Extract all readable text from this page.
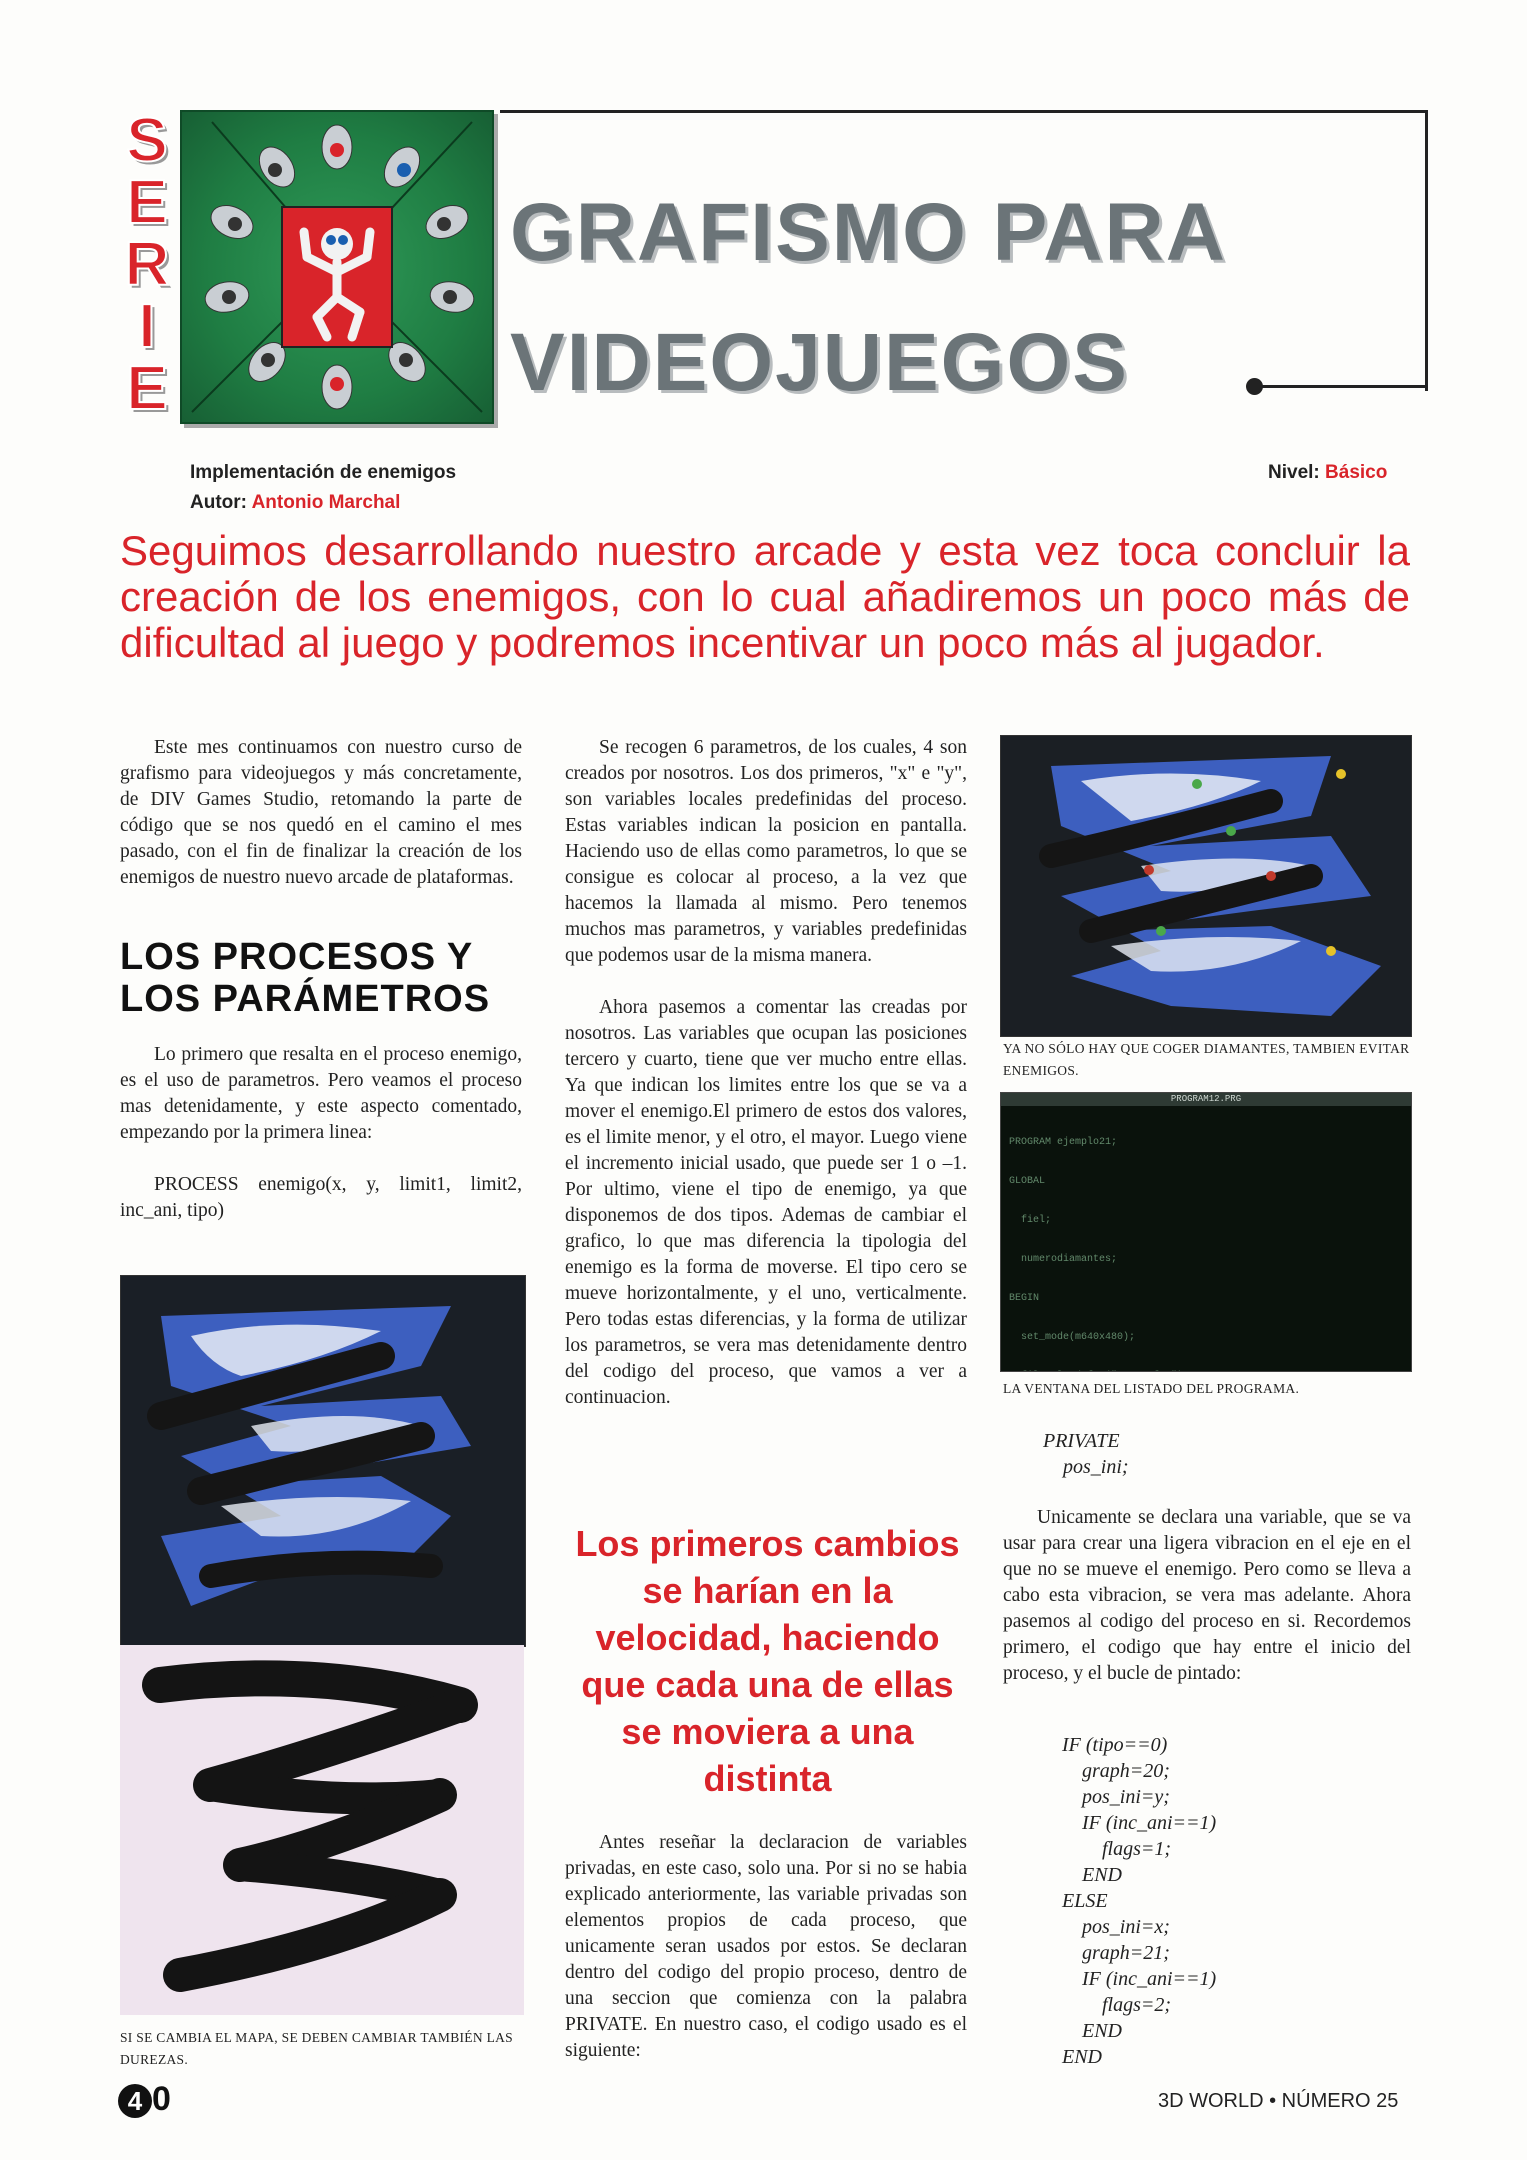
S
E
R
I
E
GRAFISMO PARA
VIDEOJUEGOS
Implementación de enemigos
Autor: Antonio Marchal
Nivel: Básico
Seguimos desarrollando nuestro arcade y esta vez toca concluir la creación de los enemigos, con lo cual añadiremos un poco más de dificultad al juego y podremos incentivar un poco más al jugador.

Este mes continuamos con nuestro curso de grafismo para videojuegos y más concretamente, de DIV Games Studio, retomando la parte de código que se nos quedó en el camino el mes pasado, con el fin de finalizar la creación de los enemigos de nuestro nuevo arcade de plataformas.

LOS PROCESOS Y LOS PARÁMETROS

Lo primero que resalta en el proceso enemigo, es el uso de parametros. Pero veamos el proceso mas detenidamente, y este aspecto comentado, empezando por la primera linea:

PROCESS enemigo(x, y, limit1, limit2, inc_ani, tipo)

SI SE CAMBIA EL MAPA, SE DEBEN CAMBIAR TAMBIÉN LAS DUREZAS.

Se recogen 6 parametros, de los cuales, 4 son creados por nosotros. Los dos primeros, "x" e "y", son variables locales predefinidas del proceso. Estas variables indican la posicion en pantalla. Haciendo uso de ellas como parametros, lo que se consigue es colocar al proceso, a la vez que hacemos la llamada al mismo. Pero tenemos muchos mas parametros, y variables predefinidas que podemos usar de la misma manera.

Ahora pasemos a comentar las creadas por nosotros. Las variables que ocupan las posiciones tercero y cuarto, tiene que ver mucho entre ellas. Ya que indican los limites entre los que se va a mover el enemigo.El primero de estos dos valores, es el limite menor, y el otro, el mayor. Luego viene el incremento inicial usado, que puede ser 1 o –1. Por ultimo, viene el tipo de enemigo, ya que disponemos de dos tipos. Ademas de cambiar el grafico, lo que mas diferencia la tipologia del enemigo es la forma de moverse. El tipo cero se mueve horizontalmente, y el uno, verticalmente. Pero todas estas diferencias, y la forma de utilizar los parametros, se vera mas detenidamente dentro del codigo del proceso, que vamos a ver a continuacion.

Los primeros cambios se harían en la velocidad, haciendo que cada una de ellas se moviera a una distinta

Antes reseñar la declaracion de variables privadas, en este caso, solo una. Por si no se habia explicado anteriormente, las variable privadas son elementos propios de cada proceso, que unicamente seran usados por estos. Se declaran dentro del codigo del propio proceso, dentro de una seccion que comienza con la palabra PRIVATE. En nuestro caso, el codigo usado es el siguiente:

YA NO SÓLO HAY QUE COGER DIAMANTES, TAMBIEN EVITAR ENEMIGOS.
PROGRAM12.PRG

PROGRAM ejemplo21;

GLOBAL

fiel;

numerodiamantes;

BEGIN

set_mode(m640x480);

LA VENTANA DEL LISTADO DEL PROGRAMA.
PRIVATE
pos_ini;

Unicamente se declara una variable, que se va usar para crear una ligera vibracion en el eje en el que no se mueve el enemigo. Pero como se lleva a cabo esta vibracion, se vera mas adelante. Ahora pasemos al codigo del proceso en si. Recordemos primero, el codigo que hay entre el inicio del proceso, y el bucle de pintado:

IF (tipo==0)
graph=20;
pos_ini=y;
IF (inc_ani==1)
flags=1;
END
ELSE
pos_ini=x;
graph=21;
IF (inc_ani==1)
flags=2;
END
END
4 0	3D WORLD • NÚMERO 25
